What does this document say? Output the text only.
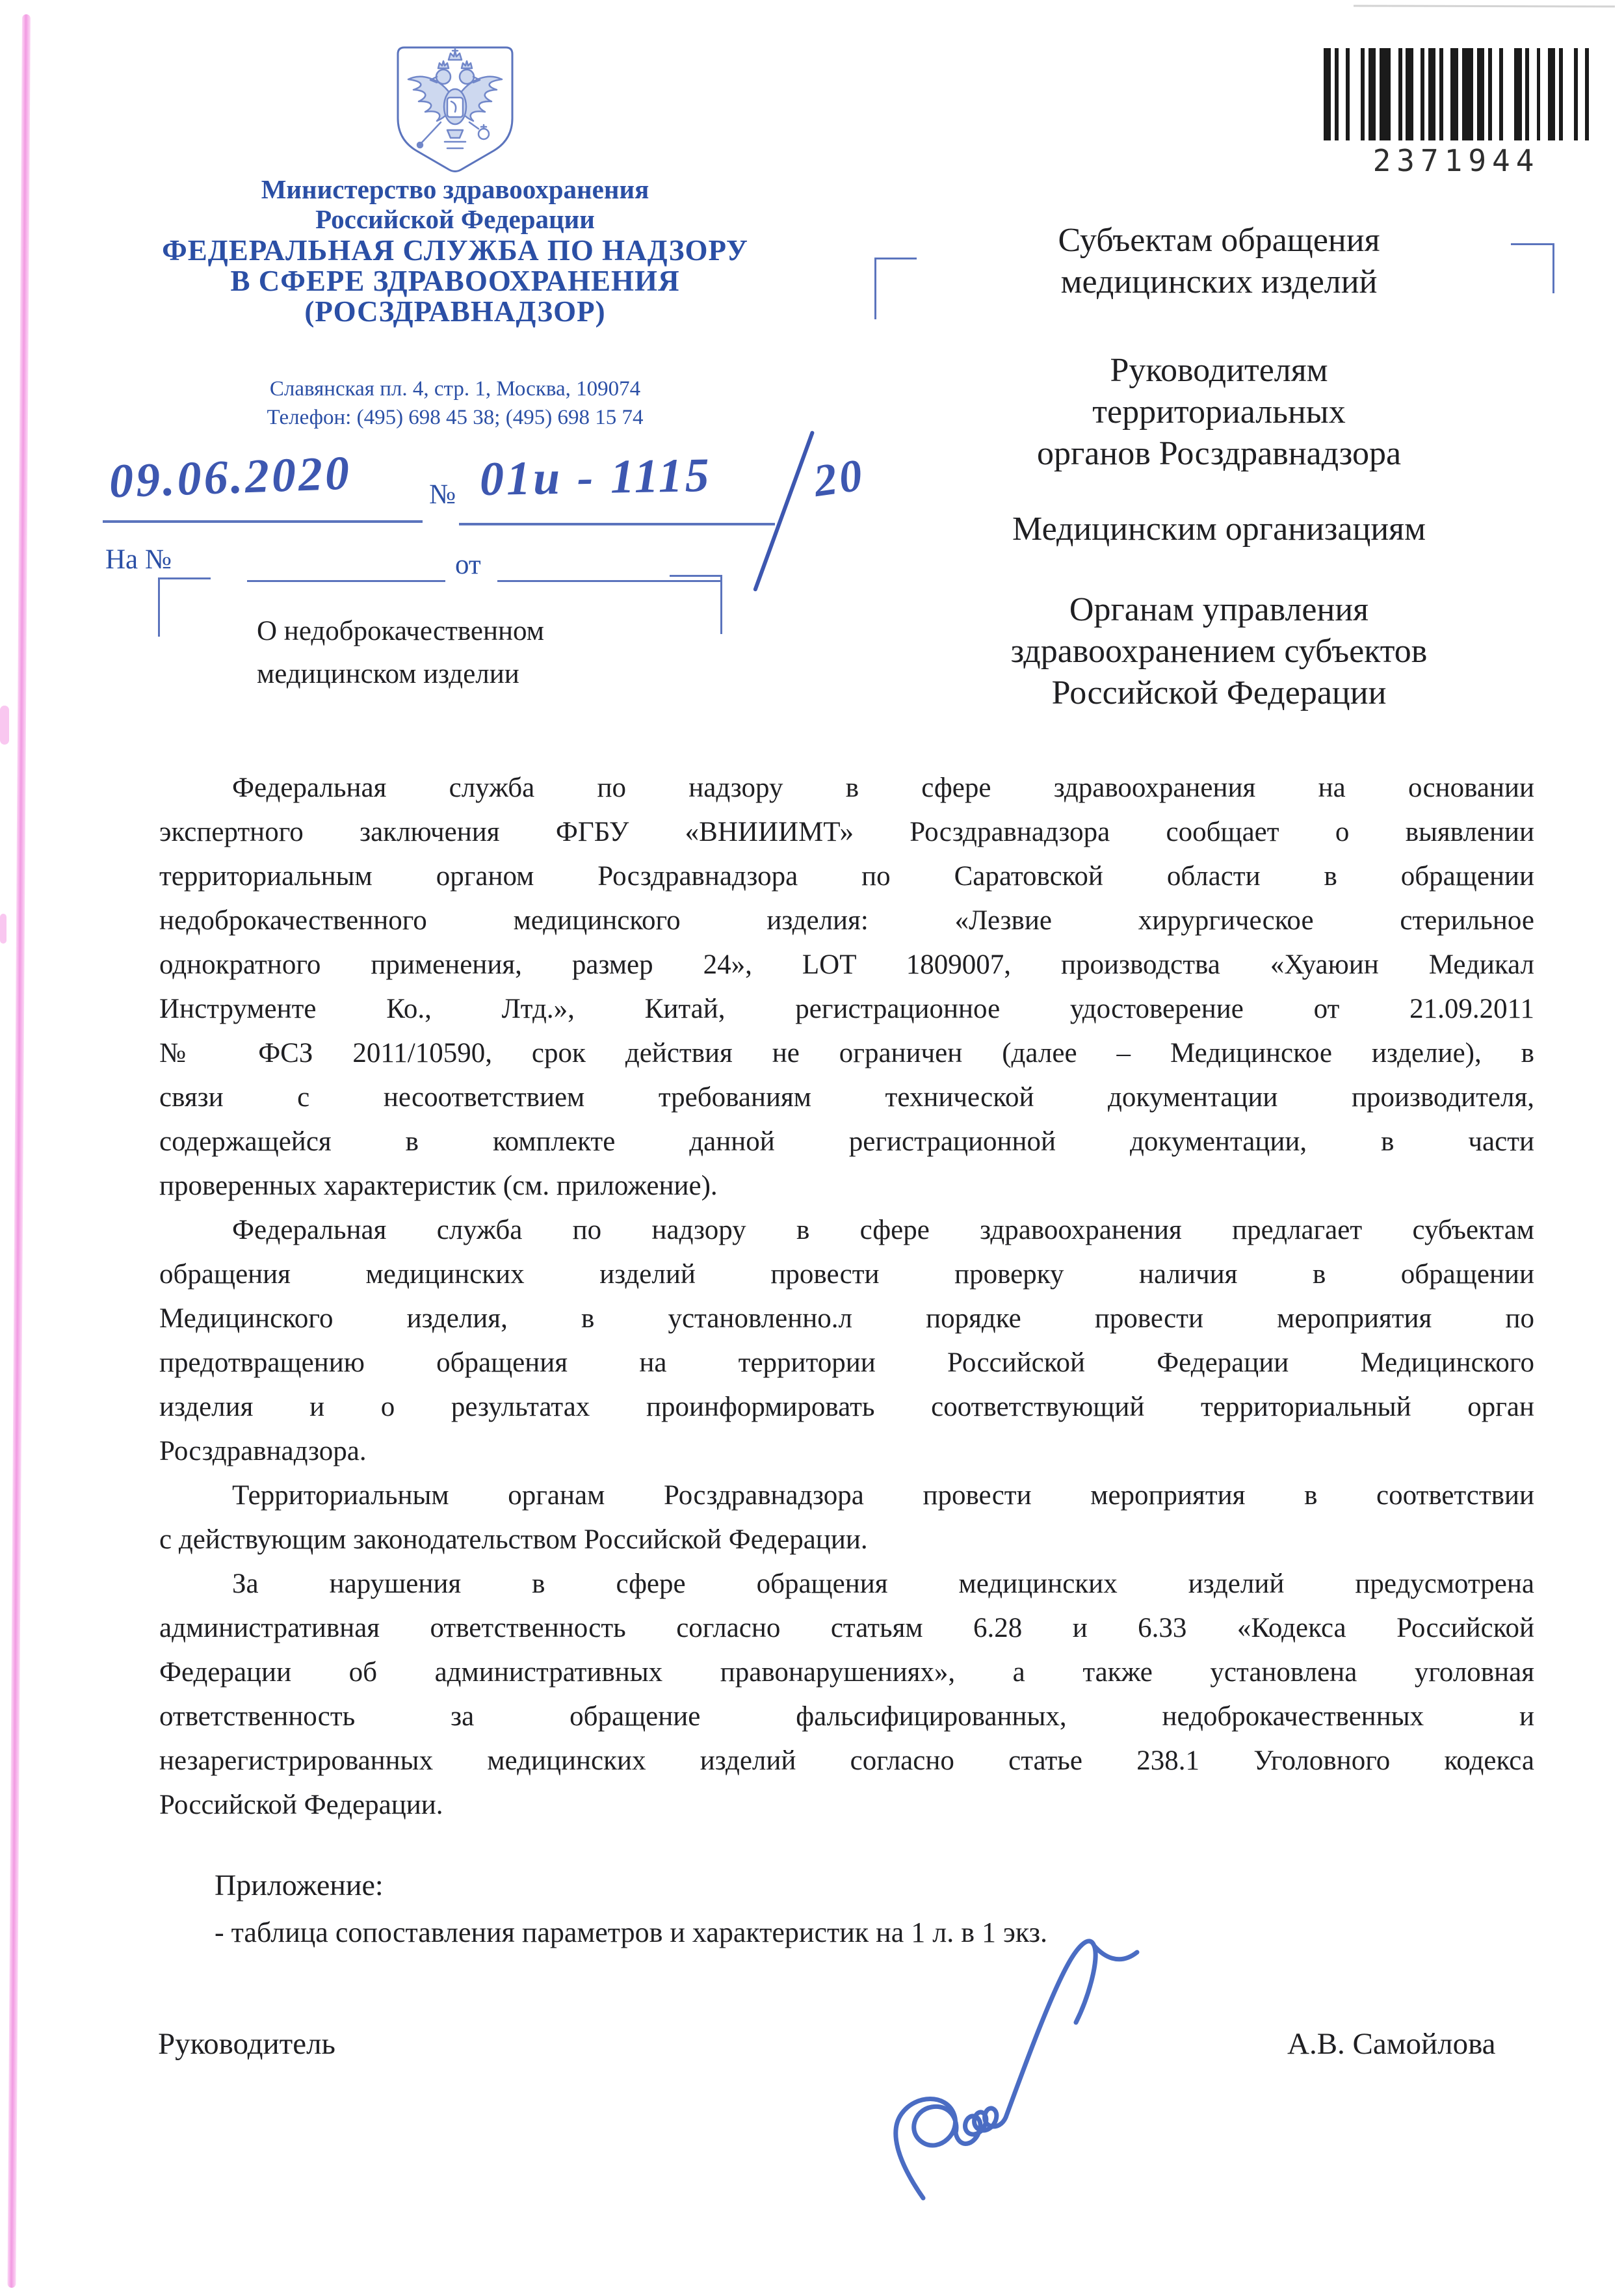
Министерство здравоохранения
Российской Федерации
ФЕДЕРАЛЬНАЯ СЛУЖБА ПО НАДЗОРУ
В СФЕРЕ ЗДРАВООХРАНЕНИЯ
(РОСЗДРАВНАДЗОР)
Славянская пл. 4, стр. 1, Москва, 109074
Телефон: (495) 698 45 38; (495) 698 15 74
2371944
09.06.2020	№ 01и - 1115 20
На №	от
О недоброкачественном
медицинском изделии
Субъектам обращения
медицинских изделий
Руководителям
территориальных
органов Росздравнадзора
Медицинским организациям
Органам управления
здравоохранением субъектов
Российской Федерации
Федеральная служба по надзору в сфере здравоохранения на основании
экспертного заключения ФГБУ «ВНИИИМТ» Росздравнадзора сообщает о выявлении
территориальным органом Росздравнадзора по Саратовской области в обращении
недоброкачественного медицинского изделия: «Лезвие хирургическое стерильное
однократного применения, размер 24», LOT 1809007, производства «Хуаюин Медикал
Инструменте Ко., Лтд.», Китай, регистрационное удостоверение от 21.09.2011
№ ФСЗ 2011/10590, срок действия не ограничен (далее – Медицинское изделие), в
связи с несоответствием требованиям технической документации производителя,
содержащейся в комплекте данной регистрационной документации, в части
проверенных характеристик (см. приложение).
Федеральная служба по надзору в сфере здравоохранения предлагает субъектам
обращения медицинских изделий провести проверку наличия в обращении
Медицинского изделия, в установленно.л порядке провести мероприятия по
предотвращению обращения на территории Российской Федерации Медицинского
изделия и о результатах проинформировать соответствующий территориальный орган
Росздравнадзора.
Территориальным органам Росздравнадзора провести мероприятия в соответствии
с действующим законодательством Российской Федерации.
За нарушения в сфере обращения медицинских изделий предусмотрена
административная ответственность согласно статьям 6.28 и 6.33 «Кодекса Российской
Федерации об административных правонарушениях», а также установлена уголовная
ответственность за обращение фальсифицированных, недоброкачественных и
незарегистрированных медицинских изделий согласно статье 238.1 Уголовного кодекса
Российской Федерации.
Приложение:
- таблица сопоставления параметров и характеристик на 1 л. в 1 экз.
Руководитель	А.В. Самойлова
